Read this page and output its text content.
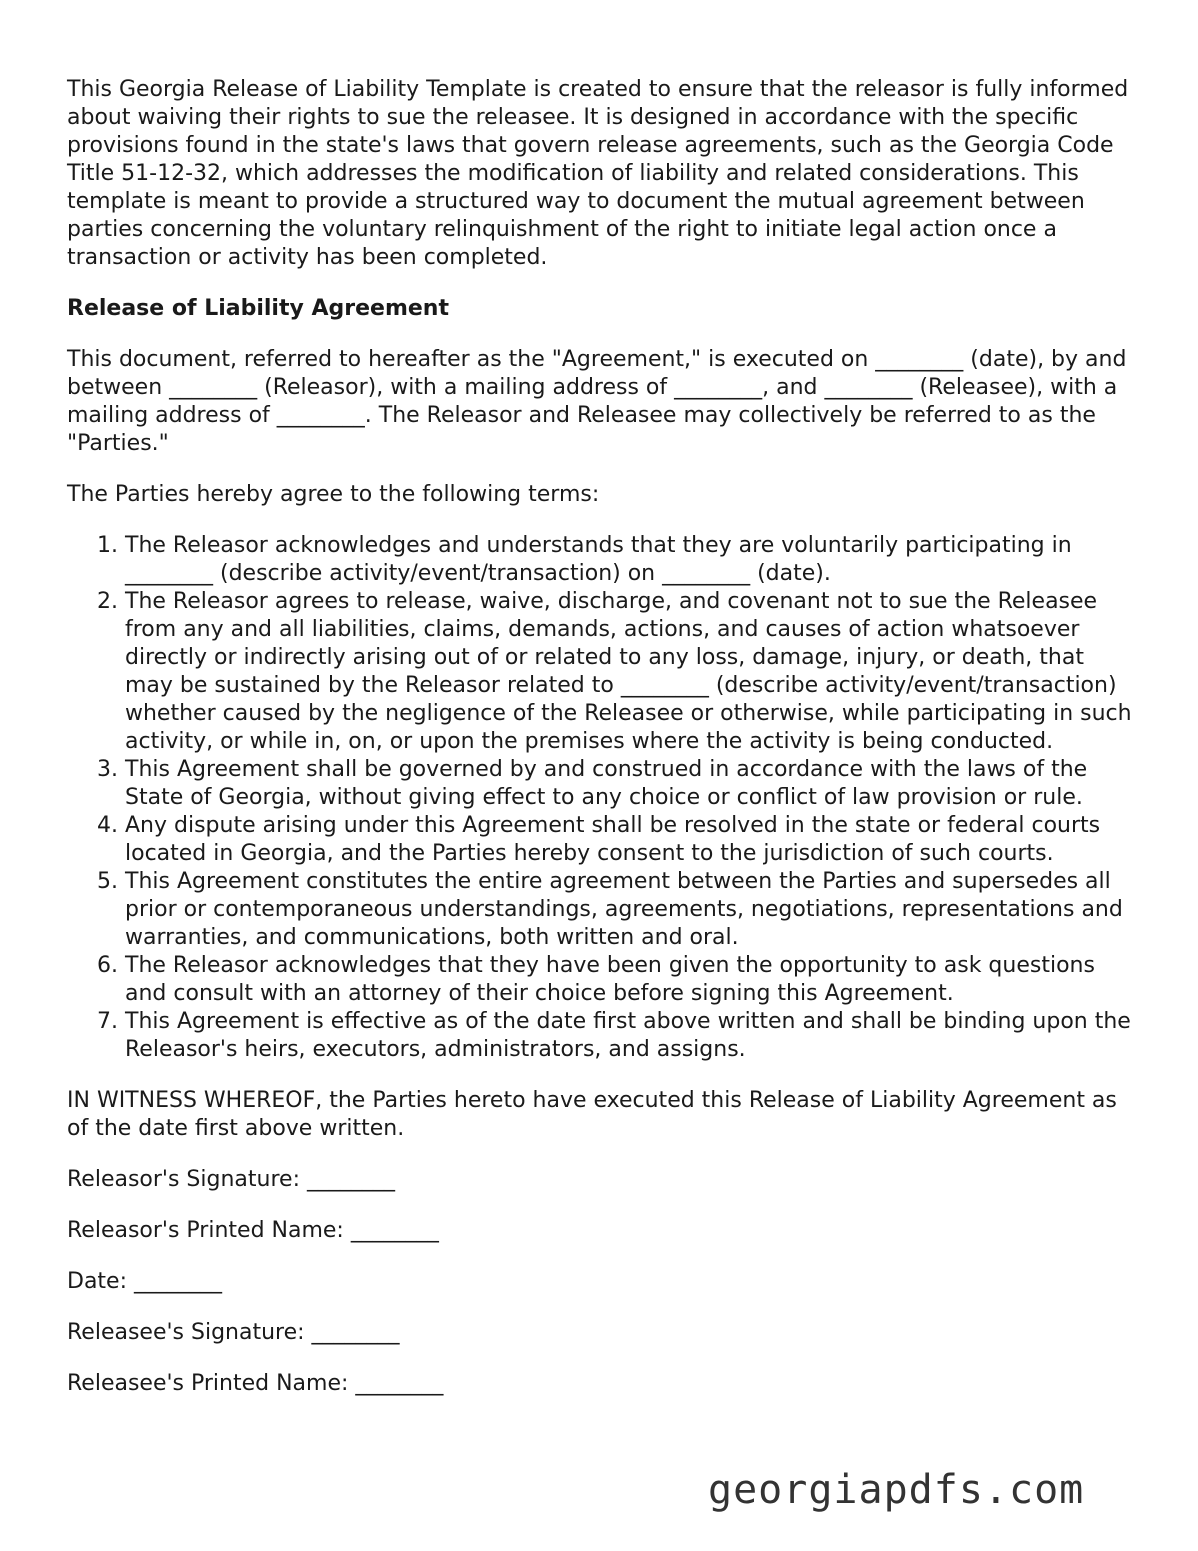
This Georgia Release of Liability Template is created to ensure that the releasor is fully informed about waiving their rights to sue the releasee. It is designed in accordance with the specific provisions found in the state's laws that govern release agreements, such as the Georgia Code Title 51-12-32, which addresses the modification of liability and related considerations. This template is meant to provide a structured way to document the mutual agreement between parties concerning the voluntary relinquishment of the right to initiate legal action once a transaction or activity has been completed.

Release of Liability Agreement

This document, referred to hereafter as the "Agreement," is executed on ________ (date), by and between ________ (Releasor), with a mailing address of ________, and ________ (Releasee), with a mailing address of ________. The Releasor and Releasee may collectively be referred to as the "Parties."

The Parties hereby agree to the following terms:

1. The Releasor acknowledges and understands that they are voluntarily participating in ________ (describe activity/event/transaction) on ________ (date).
2. The Releasor agrees to release, waive, discharge, and covenant not to sue the Releasee from any and all liabilities, claims, demands, actions, and causes of action whatsoever directly or indirectly arising out of or related to any loss, damage, injury, or death, that may be sustained by the Releasor related to ________ (describe activity/event/transaction) whether caused by the negligence of the Releasee or otherwise, while participating in such activity, or while in, on, or upon the premises where the activity is being conducted.
3. This Agreement shall be governed by and construed in accordance with the laws of the State of Georgia, without giving effect to any choice or conflict of law provision or rule.
4. Any dispute arising under this Agreement shall be resolved in the state or federal courts located in Georgia, and the Parties hereby consent to the jurisdiction of such courts.
5. This Agreement constitutes the entire agreement between the Parties and supersedes all prior or contemporaneous understandings, agreements, negotiations, representations and warranties, and communications, both written and oral.
6. The Releasor acknowledges that they have been given the opportunity to ask questions and consult with an attorney of their choice before signing this Agreement.
7. This Agreement is effective as of the date first above written and shall be binding upon the Releasor's heirs, executors, administrators, and assigns.

IN WITNESS WHEREOF, the Parties hereto have executed this Release of Liability Agreement as of the date first above written.

Releasor's Signature: ________
Releasor's Printed Name: ________
Date: ________
Releasee's Signature: ________
Releasee's Printed Name: ________
georgiapdfs.com
